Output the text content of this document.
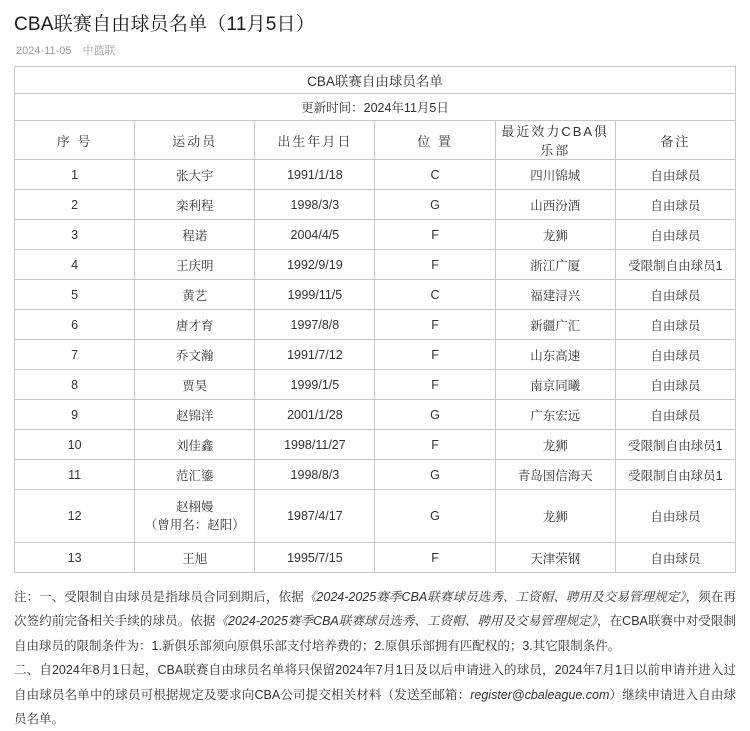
CBA联赛自由球员名单（11月5日）
2024-11-05 中篮联
CBA联赛自由球员名单					
更新时间：2024年11月5日					
序 号	运动员	出生年月日	位 置	最近效力CBA俱乐部	备注
1	张大宇	1991/1/18	C	四川锦城	自由球员
2	栾利程	1998/3/3	G	山西汾酒	自由球员
3	程诺	2004/4/5	F	龙狮	自由球员
4	王庆明	1992/9/19	F	浙江广厦	受限制自由球员1
5	黄艺	1999/11/5	C	福建浔兴	自由球员
6	唐才育	1997/8/8	F	新疆广汇	自由球员
7	乔文瀚	1991/7/12	F	山东高速	自由球员
8	贾昊	1999/1/5	F	南京同曦	自由球员
9	赵锦洋	2001/1/28	G	广东宏远	自由球员
10	刘佳鑫	1998/11/27	F	龙狮	受限制自由球员1
11	范汇鎏	1998/8/3	G	青岛国信海天	受限制自由球员1
12	赵栩嫚
（曾用名：赵阳）	1987/4/17	G	龙狮	自由球员
13	王旭	1995/7/15	F	天津荣钢	自由球员

注：一、受限制自由球员是指球员合同到期后，依据《2024-2025赛季CBA联赛球员选秀、工资帽、聘用及交易管理规定》，须在再次签约前完备相关手续的球员。依据《2024-2025赛季CBA联赛球员选秀、工资帽、聘用及交易管理规定》，在CBA联赛中对受限制自由球员的限制条件为：1.新俱乐部须向原俱乐部支付培养费的；2.原俱乐部拥有匹配权的；3.其它限制条件。

二、自2024年8月1日起，CBA联赛自由球员名单将只保留2024年7月1日及以后申请进入的球员，2024年7月1日以前申请并进入过自由球员名单中的球员可根据规定及要求向CBA公司提交相关材料（发送至邮箱：register@cbaleague.com）继续申请进入自由球员名单。
